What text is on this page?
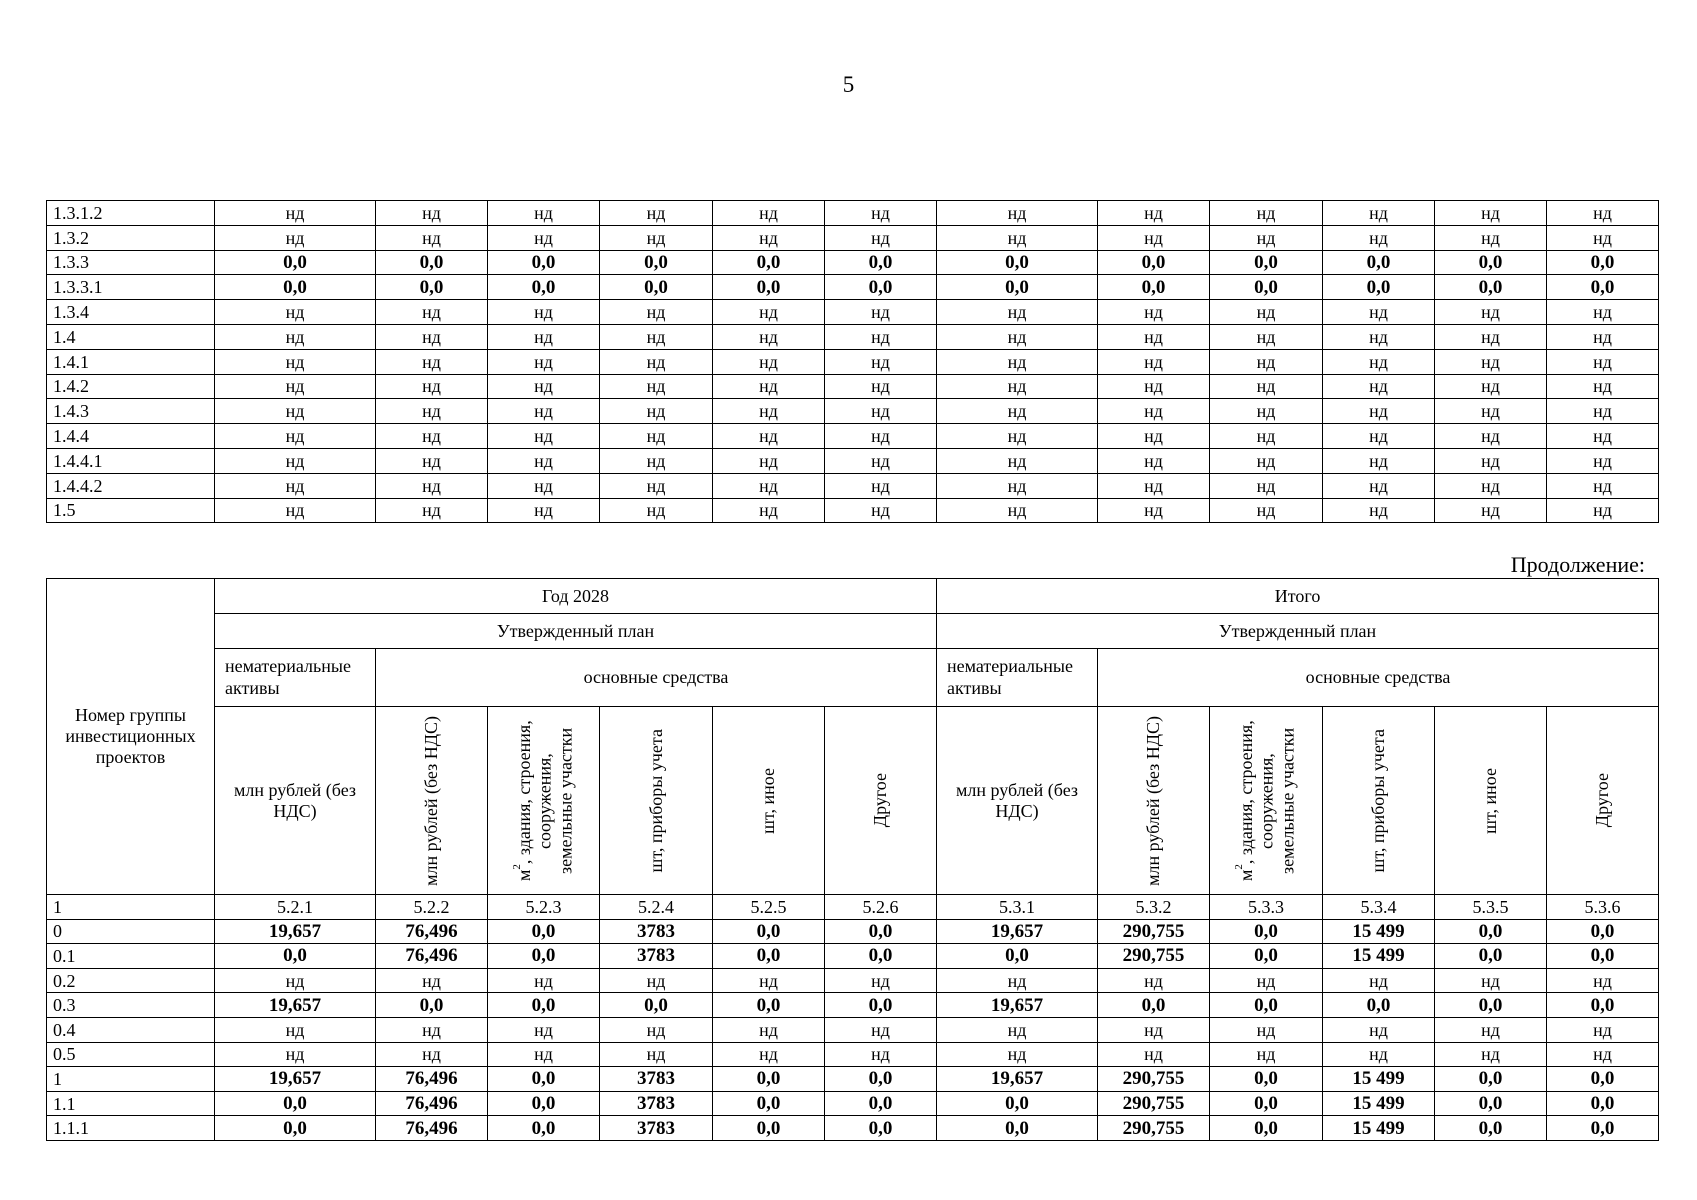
5
1.3.1.2	нд	нд	нд	нд	нд	нд	нд	нд	нд	нд	нд	нд
1.3.2	нд	нд	нд	нд	нд	нд	нд	нд	нд	нд	нд	нд
1.3.3	0,0	0,0	0,0	0,0	0,0	0,0	0,0	0,0	0,0	0,0	0,0	0,0
1.3.3.1	0,0	0,0	0,0	0,0	0,0	0,0	0,0	0,0	0,0	0,0	0,0	0,0
1.3.4	нд	нд	нд	нд	нд	нд	нд	нд	нд	нд	нд	нд
1.4	нд	нд	нд	нд	нд	нд	нд	нд	нд	нд	нд	нд
1.4.1	нд	нд	нд	нд	нд	нд	нд	нд	нд	нд	нд	нд
1.4.2	нд	нд	нд	нд	нд	нд	нд	нд	нд	нд	нд	нд
1.4.3	нд	нд	нд	нд	нд	нд	нд	нд	нд	нд	нд	нд
1.4.4	нд	нд	нд	нд	нд	нд	нд	нд	нд	нд	нд	нд
1.4.4.1	нд	нд	нд	нд	нд	нд	нд	нд	нд	нд	нд	нд
1.4.4.2	нд	нд	нд	нд	нд	нд	нд	нд	нд	нд	нд	нд
1.5	нд	нд	нд	нд	нд	нд	нд	нд	нд	нд	нд	нд
Продолжение:
Номер группы инвестиционных проектов	Год 2028						Итого					
	Утвержденный план						Утвержденный план					
	нематериальные активы	основные средства					нематериальные активы	основные средства				
	млн рублей (без НДС)	млн рублей (без НДС)	$м^2$, здания, строения, сооружения, земельные участки	шт, приборы учета	шт, иное	Другое	млн рублей (без НДС)	млн рублей (без НДС)	$м^2$, здания, строения, сооружения, земельные участки	шт, приборы учета	шт, иное	Другое

1	5.2.1	5.2.2	5.2.3	5.2.4	5.2.5	5.2.6	5.3.1	5.3.2	5.3.3	5.3.4	5.3.5	5.3.6
0	19,657	76,496	0,0	3783	0,0	0,0	19,657	290,755	0,0	15 499	0,0	0,0
0.1	0,0	76,496	0,0	3783	0,0	0,0	0,0	290,755	0,0	15 499	0,0	0,0
0.2	нд	нд	нд	нд	нд	нд	нд	нд	нд	нд	нд	нд
0.3	19,657	0,0	0,0	0,0	0,0	0,0	19,657	0,0	0,0	0,0	0,0	0,0
0.4	нд	нд	нд	нд	нд	нд	нд	нд	нд	нд	нд	нд
0.5	нд	нд	нд	нд	нд	нд	нд	нд	нд	нд	нд	нд
1	19,657	76,496	0,0	3783	0,0	0,0	19,657	290,755	0,0	15 499	0,0	0,0
1.1	0,0	76,496	0,0	3783	0,0	0,0	0,0	290,755	0,0	15 499	0,0	0,0
1.1.1	0,0	76,496	0,0	3783	0,0	0,0	0,0	290,755	0,0	15 499	0,0	0,0
